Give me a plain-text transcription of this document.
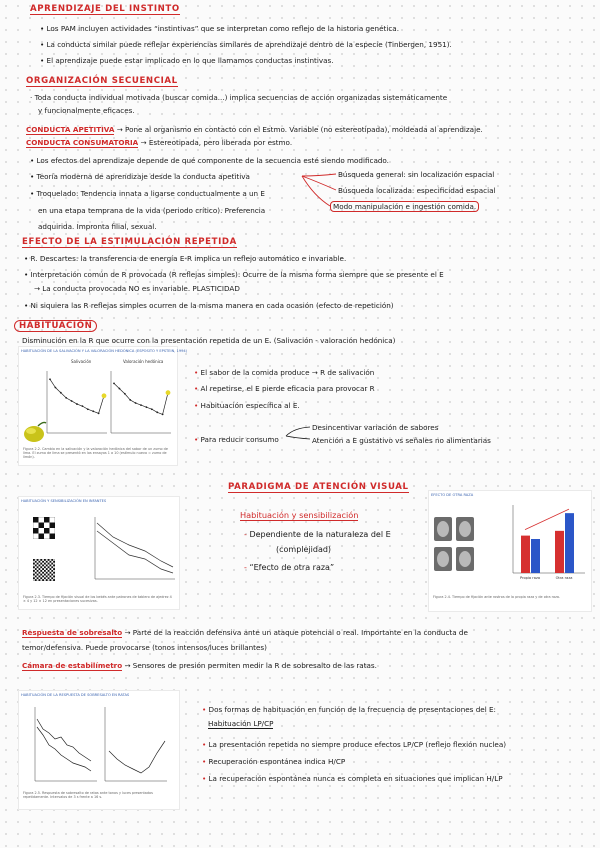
APRENDIZAJE DEL INSTINTO
• Los PAM incluyen actividades “instintivas” que se interpretan como reflejo de la historia genética.
• La conducta similar puede reflejar experiencias similares de aprendizaje dentro de la especie (Tinbergen, 1951).
• El aprendizaje puede estar implicado en lo que llamamos conductas instintivas.
ORGANIZACIÓN SECUENCIAL
· Toda conducta individual motivada (buscar comida...) implica secuencias de acción organizadas sistemáticamente
y funcionalmente eficaces.
CONDUCTA APETITIVA → Pone al organismo en contacto con el Estmo. Variable (no estereotipada), moldeada al aprendizaje.
CONDUCTA CONSUMATORIA → Estereotipada, pero liberada por estmo.
• Los efectos del aprendizaje depende de qué componente de la secuencia esté siendo modificado.
• Teoría moderna de aprendizaje desde la conducta apetitiva
• Troquelado: Tendencia innata a ligarse conductualmente a un E
en una etapa temprana de la vida (periodo crítico). Preferencia
adquirida. Impronta filial, sexual.
Búsqueda general: sin localización espacial
Búsqueda localizada: especificidad espacial
Modo manipulación e ingestión comida.
EFECTO DE LA ESTIMULACIÓN REPETIDA
• R. Descartes: la transferencia de energía E-R implica un reflejo automático e invariable.
• Interpretación común de R provocada (R reflejas simples): Ocurre de la misma forma siempre que se presente el E
→ La conducta provocada NO es invariable. PLASTICIDAD
• Ni siquiera las R reflejas simples ocurren de la misma manera en cada ocasión (efecto de repetición)
HABITUACIÓN
Disminución en la R que ocurre con la presentación repetida de un E. (Salivación - valoración hedónica)
HABITUACIÓN DE LA SALIVACIÓN Y LA VALORACIÓN HEDÓNICA (ESPOSITO Y EPSTEIN, 1994)
Salivación	Valoración hedónica
Figura 2.2. Cambio en la salivación y la valoración hedónica del sabor de un zumo de lima. El zumo de lima se presentó en los ensayos 1 a 10 (estímulo nuevo = zumo de limón).
• El sabor de la comida produce → R de salivación
• Al repetirse, el E pierde eficacia para provocar R
• Habituación específica al E.
• Para reducir consumo
Desincentivar variación de sabores
Atención a E gustativo vs señales no alimentarias
PARADIGMA DE ATENCIÓN VISUAL
HABITUACIÓN Y SENSIBILIZACIÓN EN INFANTES
Figura 2.3. Tiempo de fijación visual de los bebés ante patrones de tablero de ajedrez 4 × 4 y 12 × 12 en presentaciones sucesivas.
Habituación y sensibilización
- Dependiente de la naturaleza del E
(complejidad)
- “Efecto de otra raza”
EFECTO DE OTRA RAZA
Propia raza	Otra raza
Figura 2.4. Tiempo de fijación ante rostros de la propia raza y de otra raza.
Respuesta de sobresalto → Parte de la reacción defensiva ante un ataque potencial o real. Importante en la conducta de
temor/defensiva. Puede provocarse (tonos intensos/luces brillantes)
Cámara de estabilímetro → Sensores de presión permiten medir la R de sobresalto de las ratas.
HABITUACIÓN DE LA RESPUESTA DE SOBRESALTO EN RATAS
Figura 2.5. Respuesta de sobresalto de ratas ante tonos y luces presentados repetidamente. Intervalos de 3 s frente a 16 s.
• Dos formas de habituación en función de la frecuencia de presentaciones del E:
Habituación LP/CP
• La presentación repetida no siempre produce efectos LP/CP (reflejo flexión nuclea)
• Recuperación espontánea indica H/CP
• La recuperación espontánea nunca es completa en situaciones que implican H/LP
